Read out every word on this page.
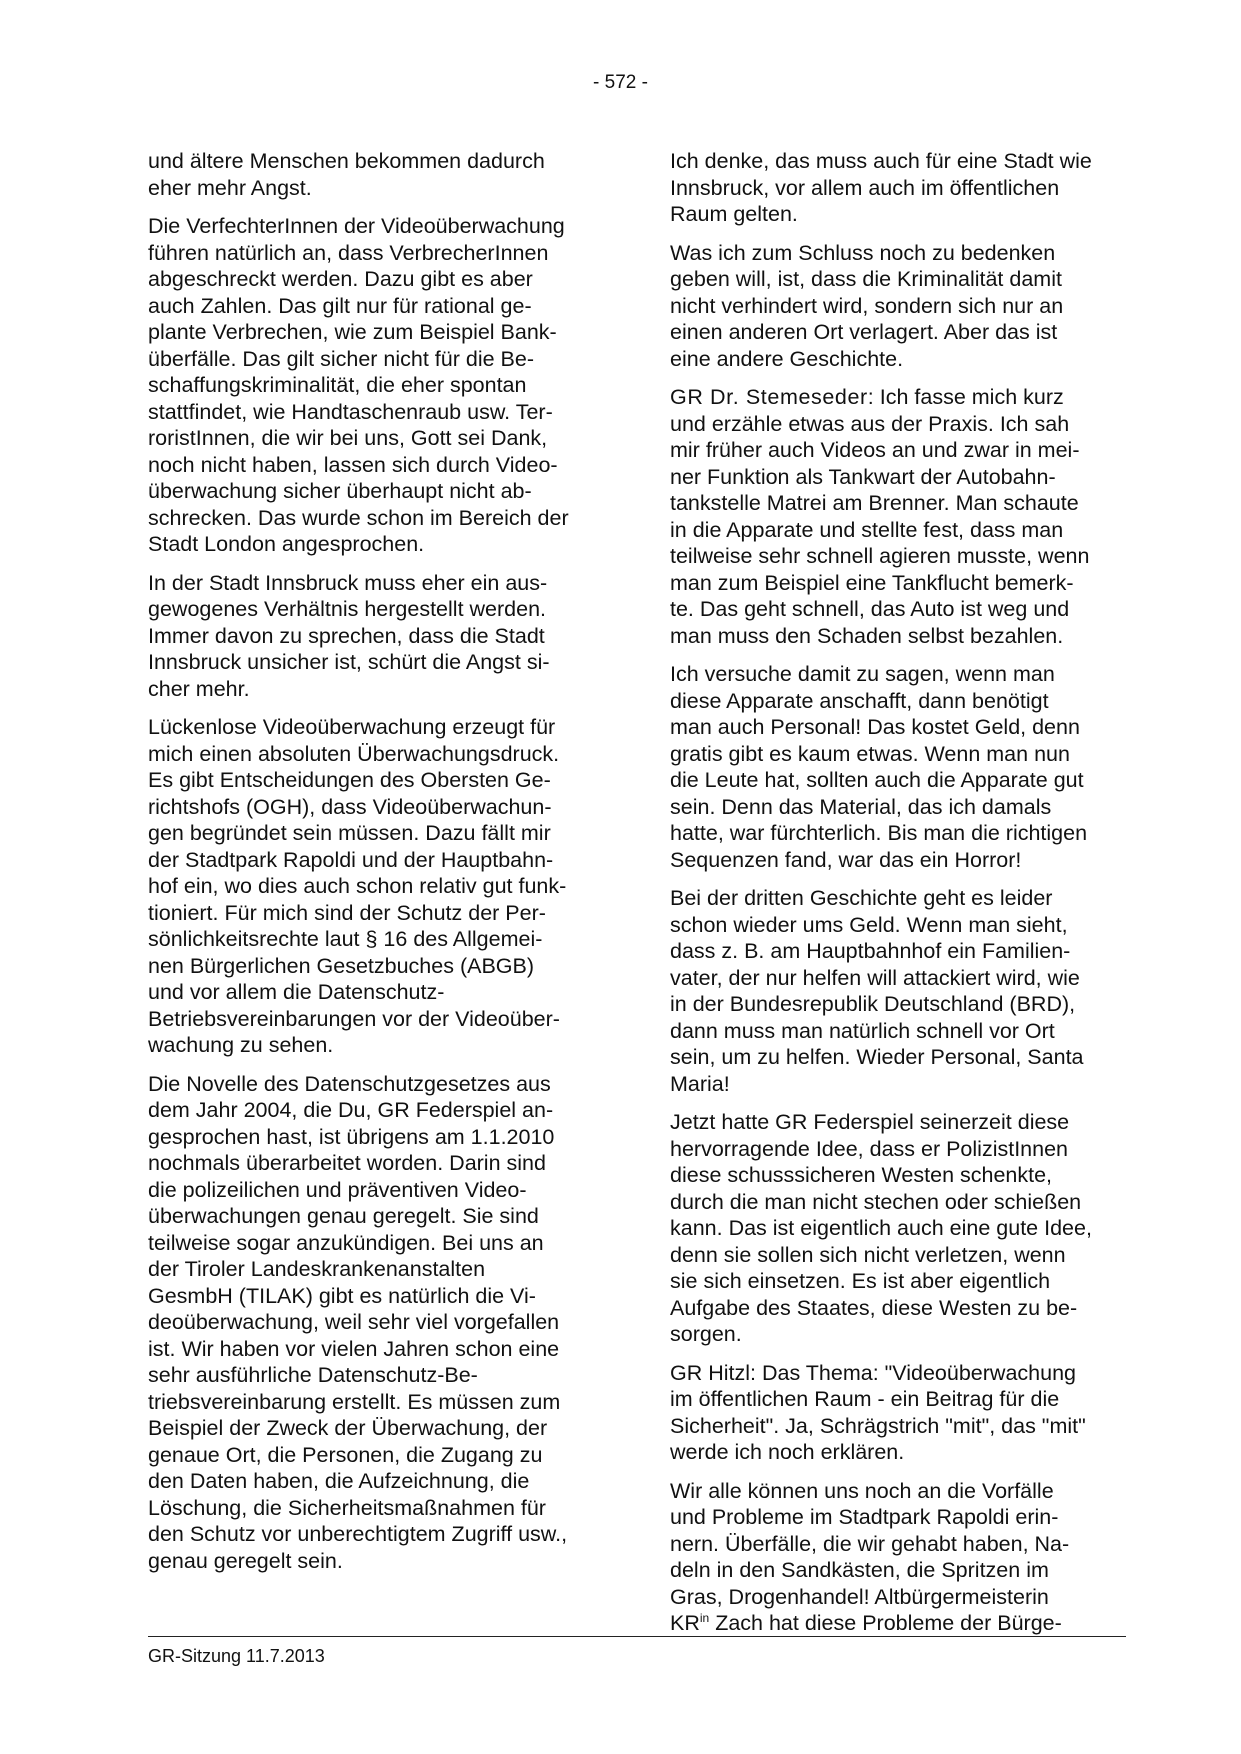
- 572 -

und ältere Menschen bekommen dadurch
eher mehr Angst.

Die VerfechterInnen der Videoüberwachung
führen natürlich an, dass VerbrecherInnen
abgeschreckt werden. Dazu gibt es aber
auch Zahlen. Das gilt nur für rational ge-
plante Verbrechen, wie zum Beispiel Bank-
überfälle. Das gilt sicher nicht für die Be-
schaffungskriminalität, die eher spontan
stattfindet, wie Handtaschenraub usw. Ter-
roristInnen, die wir bei uns, Gott sei Dank,
noch nicht haben, lassen sich durch Video-
überwachung sicher überhaupt nicht ab-
schrecken. Das wurde schon im Bereich der
Stadt London angesprochen.

In der Stadt Innsbruck muss eher ein aus-
gewogenes Verhältnis hergestellt werden.
Immer davon zu sprechen, dass die Stadt
Innsbruck unsicher ist, schürt die Angst si-
cher mehr.

Lückenlose Videoüberwachung erzeugt für
mich einen absoluten Überwachungsdruck.
Es gibt Entscheidungen des Obersten Ge-
richtshofs (OGH), dass Videoüberwachun-
gen begründet sein müssen. Dazu fällt mir
der Stadtpark Rapoldi und der Hauptbahn-
hof ein, wo dies auch schon relativ gut funk-
tioniert. Für mich sind der Schutz der Per-
sönlichkeitsrechte laut § 16 des Allgemei-
nen Bürgerlichen Gesetzbuches (ABGB)
und vor allem die Datenschutz-
Betriebsvereinbarungen vor der Videoüber-
wachung zu sehen.

Die Novelle des Datenschutzgesetzes aus
dem Jahr 2004, die Du, GR Federspiel an-
gesprochen hast, ist übrigens am 1.1.2010
nochmals überarbeitet worden. Darin sind
die polizeilichen und präventiven Video-
überwachungen genau geregelt. Sie sind
teilweise sogar anzukündigen. Bei uns an
der Tiroler Landeskrankenanstalten
GesmbH (TILAK) gibt es natürlich die Vi-
deoüberwachung, weil sehr viel vorgefallen
ist. Wir haben vor vielen Jahren schon eine
sehr ausführliche Datenschutz-Be-
triebsvereinbarung erstellt. Es müssen zum
Beispiel der Zweck der Überwachung, der
genaue Ort, die Personen, die Zugang zu
den Daten haben, die Aufzeichnung, die
Löschung, die Sicherheitsmaßnahmen für
den Schutz vor unberechtigtem Zugriff usw.,
genau geregelt sein.

Ich denke, das muss auch für eine Stadt wie
Innsbruck, vor allem auch im öffentlichen
Raum gelten.

Was ich zum Schluss noch zu bedenken
geben will, ist, dass die Kriminalität damit
nicht verhindert wird, sondern sich nur an
einen anderen Ort verlagert. Aber das ist
eine andere Geschichte.

GR Dr. Stemeseder: Ich fasse mich kurz
und erzähle etwas aus der Praxis. Ich sah
mir früher auch Videos an und zwar in mei-
ner Funktion als Tankwart der Autobahn-
tankstelle Matrei am Brenner. Man schaute
in die Apparate und stellte fest, dass man
teilweise sehr schnell agieren musste, wenn
man zum Beispiel eine Tankflucht bemerk-
te. Das geht schnell, das Auto ist weg und
man muss den Schaden selbst bezahlen.

Ich versuche damit zu sagen, wenn man
diese Apparate anschafft, dann benötigt
man auch Personal! Das kostet Geld, denn
gratis gibt es kaum etwas. Wenn man nun
die Leute hat, sollten auch die Apparate gut
sein. Denn das Material, das ich damals
hatte, war fürchterlich. Bis man die richtigen
Sequenzen fand, war das ein Horror!

Bei der dritten Geschichte geht es leider
schon wieder ums Geld. Wenn man sieht,
dass z. B. am Hauptbahnhof ein Familien-
vater, der nur helfen will attackiert wird, wie
in der Bundesrepublik Deutschland (BRD),
dann muss man natürlich schnell vor Ort
sein, um zu helfen. Wieder Personal, Santa
Maria!

Jetzt hatte GR Federspiel seinerzeit diese
hervorragende Idee, dass er PolizistInnen
diese schusssicheren Westen schenkte,
durch die man nicht stechen oder schießen
kann. Das ist eigentlich auch eine gute Idee,
denn sie sollen sich nicht verletzen, wenn
sie sich einsetzen. Es ist aber eigentlich
Aufgabe des Staates, diese Westen zu be-
sorgen.

GR Hitzl: Das Thema: "Videoüberwachung
im öffentlichen Raum - ein Beitrag für die
Sicherheit". Ja, Schrägstrich "mit", das "mit"
werde ich noch erklären.

Wir alle können uns noch an die Vorfälle
und Probleme im Stadtpark Rapoldi erin-
nern. Überfälle, die wir gehabt haben, Na-
deln in den Sandkästen, die Spritzen im
Gras, Drogenhandel! Altbürgermeisterin
$KR^{in}$ Zach hat diese Probleme der Bürge-

GR-Sitzung 11.7.2013
